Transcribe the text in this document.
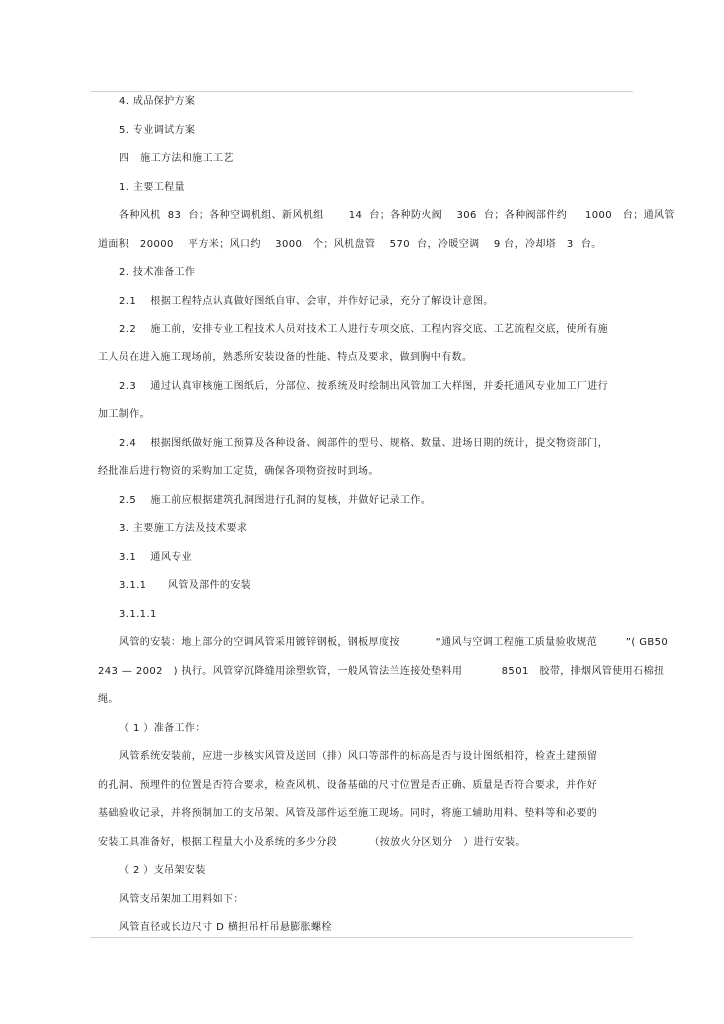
4. 成品保护方案
5. 专业调试方案
四   施工方法和施工工艺
1. 主要工程量
各种风机  83  台；各种空调机组、新风机组       14  台；各种防火阀    306  台；各种阀部件约     1000   台；通风管
道面积   20000    平方米；风口约    3000   个；风机盘管    570  台，冷暖空调    9 台，冷却塔   3  台。
2. 技术准备工作
2.1    根据工程特点认真做好图纸自审、会审，并作好记录，充分了解设计意图。
2.2    施工前，安排专业工程技术人员对技术工人进行专项交底、工程内容交底、工艺流程交底，使所有施
工人员在进入施工现场前，熟悉所安装设备的性能、特点及要求，做到胸中有数。
2.3    通过认真审核施工图纸后，分部位、按系统及时绘制出风管加工大样图，并委托通风专业加工厂进行
加工制作。
2.4    根据图纸做好施工预算及各种设备、阀部件的型号、规格、数量、进场日期的统计，提交物资部门，
经批准后进行物资的采购加工定货，确保各项物资按时到场。
2.5    施工前应根据建筑孔洞图进行孔洞的复核，并做好记录工作。
3. 主要施工方法及技术要求
3.1    通风专业
3.1.1      风管及部件的安装
3.1.1.1
风管的安装：地上部分的空调风管采用镀锌钢板，钢板厚度按          “通风与空调工程施工质量验收规范        ”( GB50
243 — 2002   ) 执行。风管穿沉降缝用涂塑软管，一般风管法兰连接处垫料用           8501   胶带，排烟风管使用石棉扭
绳。
（ 1 ）准备工作：
风管系统安装前，应进一步核实风管及送回（排）风口等部件的标高是否与设计图纸相符，检查土建预留
的孔洞、预埋件的位置是否符合要求，检查风机、设备基础的尺寸位置是否正确、质量是否符合要求，并作好
基础验收记录，并将预制加工的支吊架、风管及部件运至施工现场。同时，将施工辅助用料、垫料等和必要的
安装工具准备好，根据工程量大小及系统的多少分段         （按放火分区划分   ）进行安装。
（ 2 ）支吊架安装
风管支吊架加工用料如下：
风管直径或长边尺寸 D 横担吊杆吊悬膨胀螺栓
